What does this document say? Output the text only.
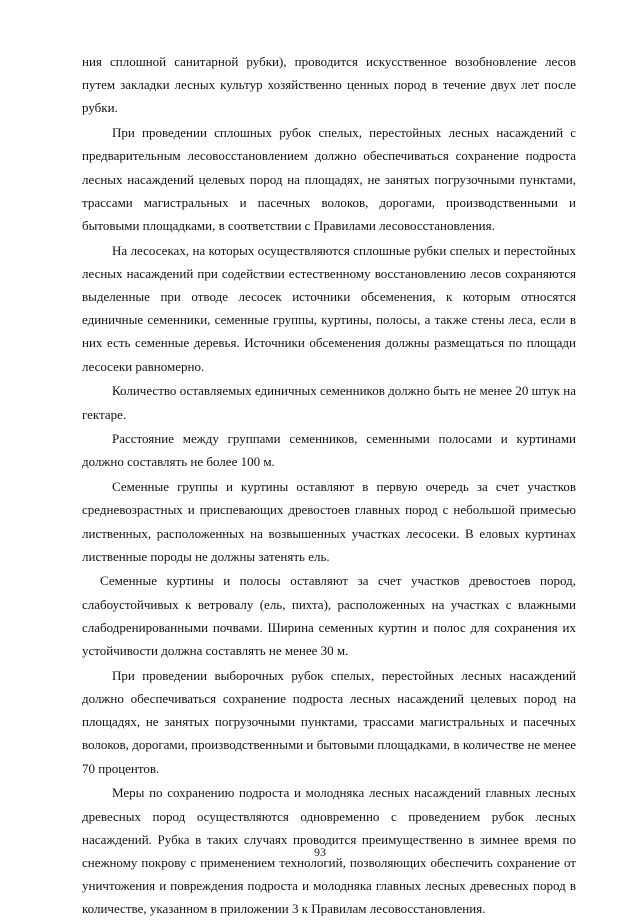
ния сплошной санитарной рубки), проводится искусственное возобновление лесов путем закладки лесных культур хозяйственно ценных пород в течение двух лет после рубки.

При проведении сплошных рубок спелых, перестойных лесных насаждений с предварительным лесовосстановлением должно обеспечиваться сохранение подроста лесных насаждений целевых пород на площадях, не занятых погрузочными пунктами, трассами магистральных и пасечных волоков, дорогами, производственными и бытовыми площадками, в соответствии с Правилами лесовосстановления.

На лесосеках, на которых осуществляются сплошные рубки спелых и перестойных лесных насаждений при содействии естественному восстановлению лесов сохраняются выделенные при отводе лесосек источники обсеменения, к которым относятся единичные семенники, семенные группы, куртины, полосы, а также стены леса, если в них есть семенные деревья. Источники обсеменения должны размещаться по площади лесосеки равномерно.

Количество оставляемых единичных семенников должно быть не менее 20 штук на гектаре.

Расстояние между группами семенников, семенными полосами и куртинами должно составлять не более 100 м.

Семенные группы и куртины оставляют в первую очередь за счет участков средневозрастных и приспевающих древостоев главных пород с небольшой примесью лиственных, расположенных на возвышенных участках лесосеки. В еловых куртинах лиственные породы не должны затенять ель.

Семенные куртины и полосы оставляют за счет участков древостоев пород, слабоустойчивых к ветровалу (ель, пихта), расположенных на участках с влажными слабодренированными почвами. Ширина семенных куртин и полос для сохранения их устойчивости должна составлять не менее 30 м.

При проведении выборочных рубок спелых, перестойных лесных насаждений должно обеспечиваться сохранение подроста лесных насаждений целевых пород на площадях, не занятых погрузочными пунктами, трассами магистральных и пасечных волоков, дорогами, производственными и бытовыми площадками, в количестве не менее 70 процентов.

Меры по сохранению подроста и молодняка лесных насаждений главных лесных древесных пород осуществляются одновременно с проведением рубок лесных насаждений. Рубка в таких случаях проводится преимущественно в зимнее время по снежному покрову с применением технологий, позволяющих обеспечить сохранение от уничтожения и повреждения подроста и молодняка главных лесных древесных пород в количестве, указанном в приложении 3 к Правилам лесовосстановления.

93
